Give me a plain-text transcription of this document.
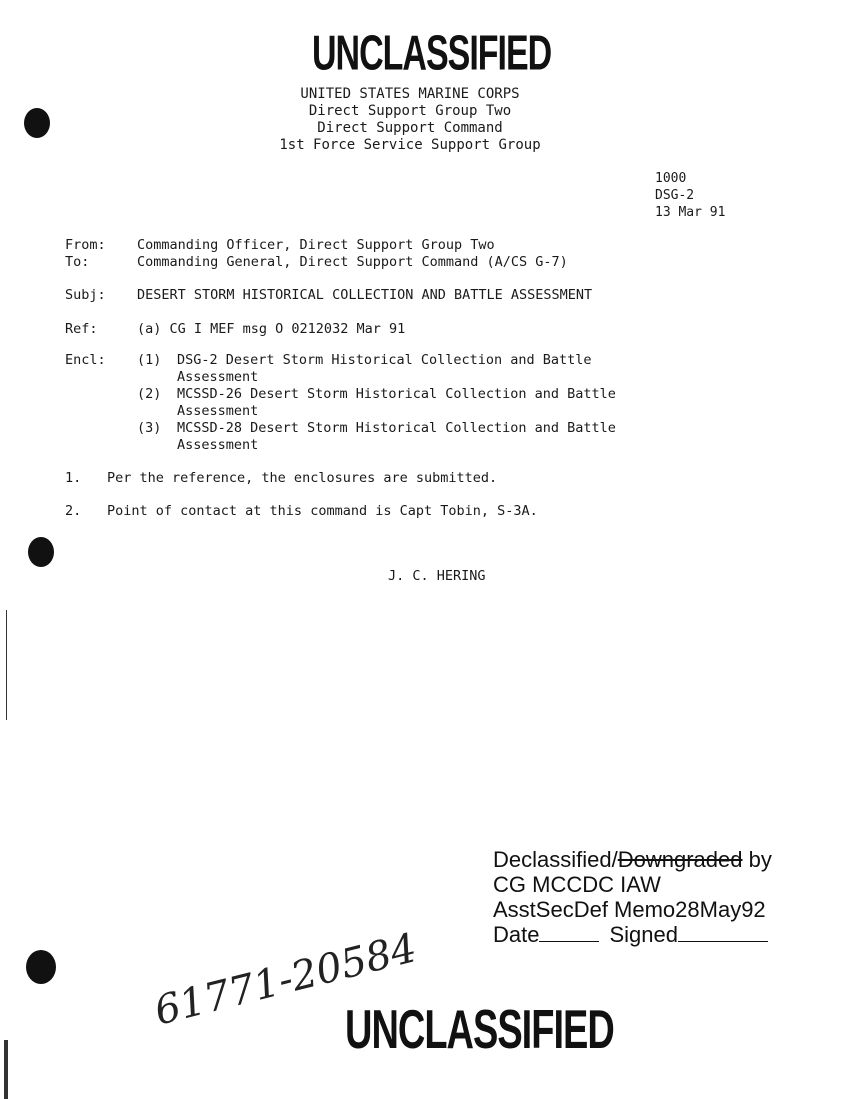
UNCLASSIFIED
UNITED STATES MARINE CORPS
Direct Support Group Two
Direct Support Command
1st Force Service Support Group
1000
DSG-2
13 Mar 91
From: Commanding Officer, Direct Support Group Two
To:	Commanding General, Direct Support Command (A/CS G-7)
Subj: DESERT STORM HISTORICAL COLLECTION AND BATTLE ASSESSMENT
Ref:	(a) CG I MEF msg O 0212032 Mar 91
Encl:	(1) DSG-2 Desert Storm Historical Collection and Battle
Assessment
(2) MCSSD-26 Desert Storm Historical Collection and Battle
Assessment
(3) MCSSD-28 Desert Storm Historical Collection and Battle
Assessment
1. Per the reference, the enclosures are submitted.
2. Point of contact at this command is Capt Tobin, S-3A.
J. C. HERING
Declassified/Downgraded by
CG MCCDC IAW
AsstSecDef Memo28May92
Date	Signed
61771-20584
UNCLASSIFIED
